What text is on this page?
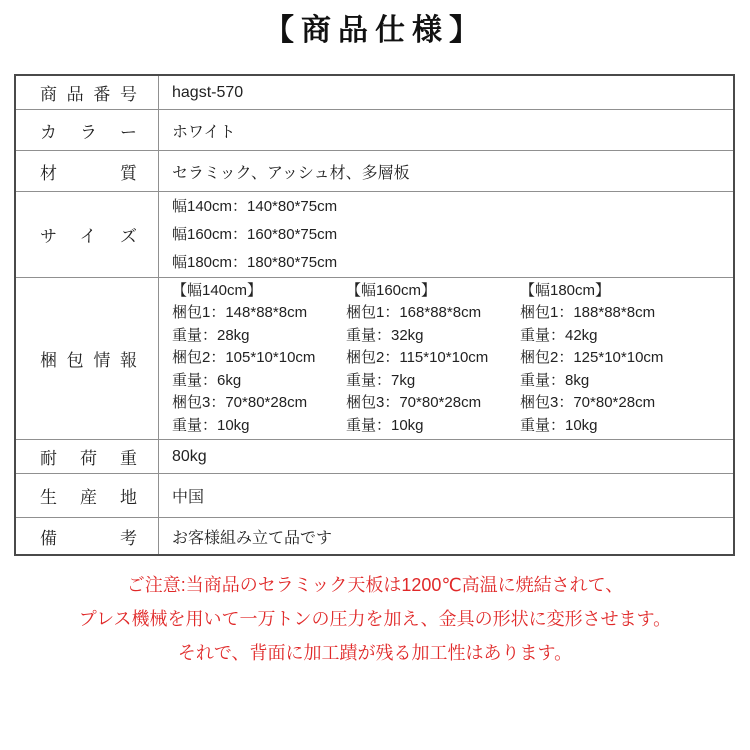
【商品仕様】
商品番号 hagst-570
カラー ホワイト
材質 セラミック、アッシュ材、多層板
サイズ
幅140cm：140*80*75cm
幅160cm：160*80*75cm
幅180cm：180*80*75cm
梱包情報
【幅140cm】
梱包1：148*88*8cm
重量：28kg
梱包2：105*10*10cm
重量：6kg
梱包3：70*80*28cm
重量：10kg
【幅160cm】
梱包1：168*88*8cm
重量：32kg
梱包2：115*10*10cm
重量：7kg
梱包3：70*80*28cm
重量：10kg
【幅180cm】
梱包1：188*88*8cm
重量：42kg
梱包2：125*10*10cm
重量：8kg
梱包3：70*80*28cm
重量：10kg
耐荷重 80kg
生産地 中国
備考 お客様組み立て品です
ご注意:当商品のセラミック天板は1200℃高温に焼結されて、
プレス機械を用いて一万トンの圧力を加え、金具の形状に変形させます。
それで、背面に加工蹟が残る加工性はあります。
